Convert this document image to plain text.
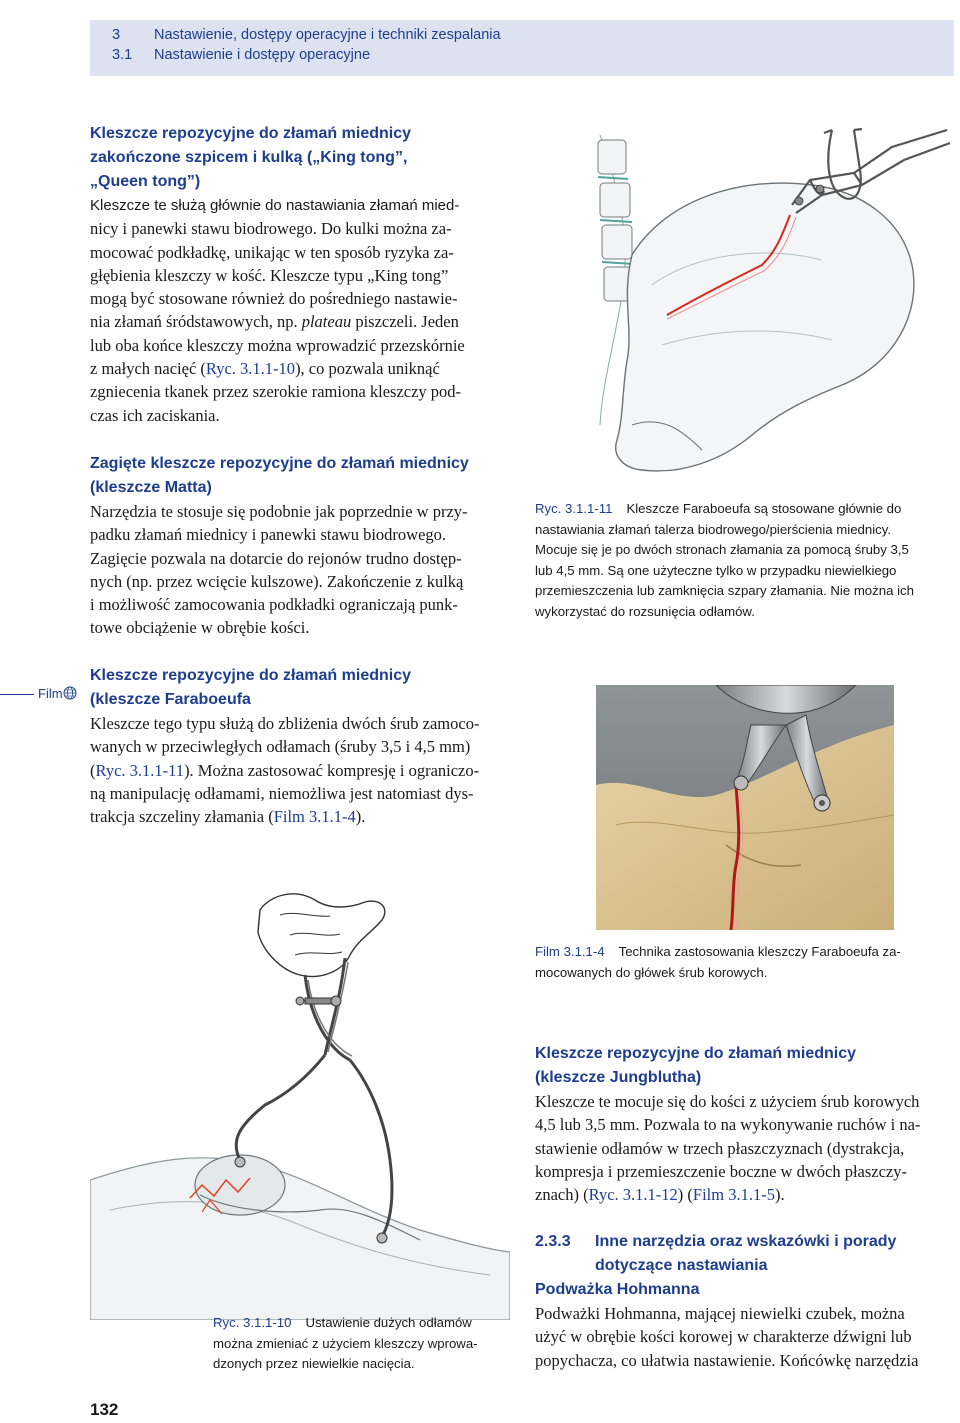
3 Nastawienie, dostępy operacyjne i techniki zespalania
3.1 Nastawienie i dostępy operacyjne

Kleszcze repozycyjne do złamań miednicy
zakończone szpicem i kulką („King tong”,
„Queen tong”)

Kleszcze te służą głównie do nastawiania złamań mied-
nicy i panewki stawu biodrowego. Do kulki można za-
mocować podkładkę, unikając w ten sposób ryzyka za-
głębienia kleszczy w kość. Kleszcze typu „King tong”
mogą być stosowane również do pośredniego nastawie-
nia złamań śródstawowych, np. plateau piszczeli. Jeden
lub oba końce kleszczy można wprowadzić przezskórnie
z małych nacięć (Ryc. 3.1.1-10), co pozwala uniknąć
zgniecenia tkanek przez szerokie ramiona kleszczy pod-
czas ich zaciskania.

Zagięte kleszcze repozycyjne do złamań miednicy
(kleszcze Matta)

Narzędzia te stosuje się podobnie jak poprzednie w przy-
padku złamań miednicy i panewki stawu biodrowego.
Zagięcie pozwala na dotarcie do rejonów trudno dostęp-
nych (np. przez wcięcie kulszowe). Zakończenie z kulką
i możliwość zamocowania podkładki ograniczają punk-
towe obciążenie w obrębie kości.
Film

Kleszcze repozycyjne do złamań miednicy
(kleszcze Faraboeufa

Kleszcze tego typu służą do zbliżenia dwóch śrub zamoco-
wanych w przeciwległych odłamach (śruby 3,5 i 4,5 mm)
(Ryc. 3.1.1-11). Można zastosować kompresję i ograniczo-
ną manipulację odłamami, niemożliwa jest natomiast dys-
trakcja szczeliny złamania (Film 3.1.1-4).

Ryc. 3.1.1-11 Kleszcze Faraboeufa są stosowane głównie do
nastawiania złamań talerza biodrowego/pierścienia miednicy.
Mocuje się je po dwóch stronach złamania za pomocą śruby 3,5
lub 4,5 mm. Są one użyteczne tylko w przypadku niewielkiego
przemieszczenia lub zamknięcia szpary złamania. Nie można ich
wykorzystać do rozsunięcia odłamów.

Film 3.1.1-4 Technika zastosowania kleszczy Faraboeufa za-
mocowanych do główek śrub korowych.

Ryc. 3.1.1-10 Ustawienie dużych odłamów
można zmieniać z użyciem kleszczy wprowa-
dzonych przez niewielkie nacięcia.

Kleszcze repozycyjne do złamań miednicy
(kleszcze Jungblutha)

Kleszcze te mocuje się do kości z użyciem śrub korowych
4,5 lub 3,5 mm. Pozwala to na wykonywanie ruchów i na-
stawienie odłamów w trzech płaszczyznach (dystrakcja,
kompresja i przemieszczenie boczne w dwóch płaszczy-
znach) (Ryc. 3.1.1-12) (Film 3.1.1-5).
2.3.3	Inne narzędzia oraz wskazówki i porady
dotyczące nastawiania

Podważka Hohmanna

Podważki Hohmanna, mającej niewielki czubek, można
użyć w obrębie kości korowej w charakterze dźwigni lub
popychacza, co ułatwia nastawienie. Końcówkę narzędzia
132
